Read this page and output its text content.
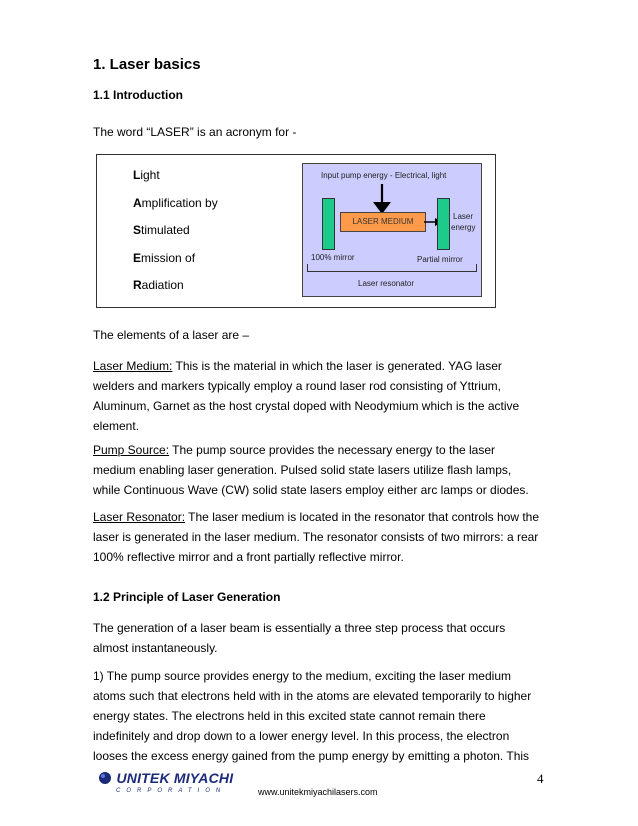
1. Laser basics
1.1 Introduction
The word “LASER” is an acronym for -
Light
Amplification by
Stimulated
Emission of
Radiation
Input pump energy - Electrical, light
LASER MEDIUM
Laser
energy
100% mirror	Partial mirror
Laser resonator
The elements of a laser are –
Laser Medium: This is the material in which the laser is generated. YAG laser
welders and markers typically employ a round laser rod consisting of Yttrium,
Aluminum, Garnet as the host crystal doped with Neodymium which is the active
element.
Pump Source: The pump source provides the necessary energy to the laser
medium enabling laser generation. Pulsed solid state lasers utilize flash lamps,
while Continuous Wave (CW) solid state lasers employ either arc lamps or diodes.
Laser Resonator: The laser medium is located in the resonator that controls how the
laser is generated in the laser medium. The resonator consists of two mirrors: a rear
100% reflective mirror and a front partially reflective mirror.
1.2 Principle of Laser Generation
The generation of a laser beam is essentially a three step process that occurs
almost instantaneously.
1) The pump source provides energy to the medium, exciting the laser medium
atoms such that electrons held with in the atoms are elevated temporarily to higher
energy states. The electrons held in this excited state cannot remain there
indefinitely and drop down to a lower energy level. In this process, the electron
looses the excess energy gained from the pump energy by emitting a photon. This
UNITEK MIYACHI
CORPORATION
4
www.unitekmiyachilasers.com
